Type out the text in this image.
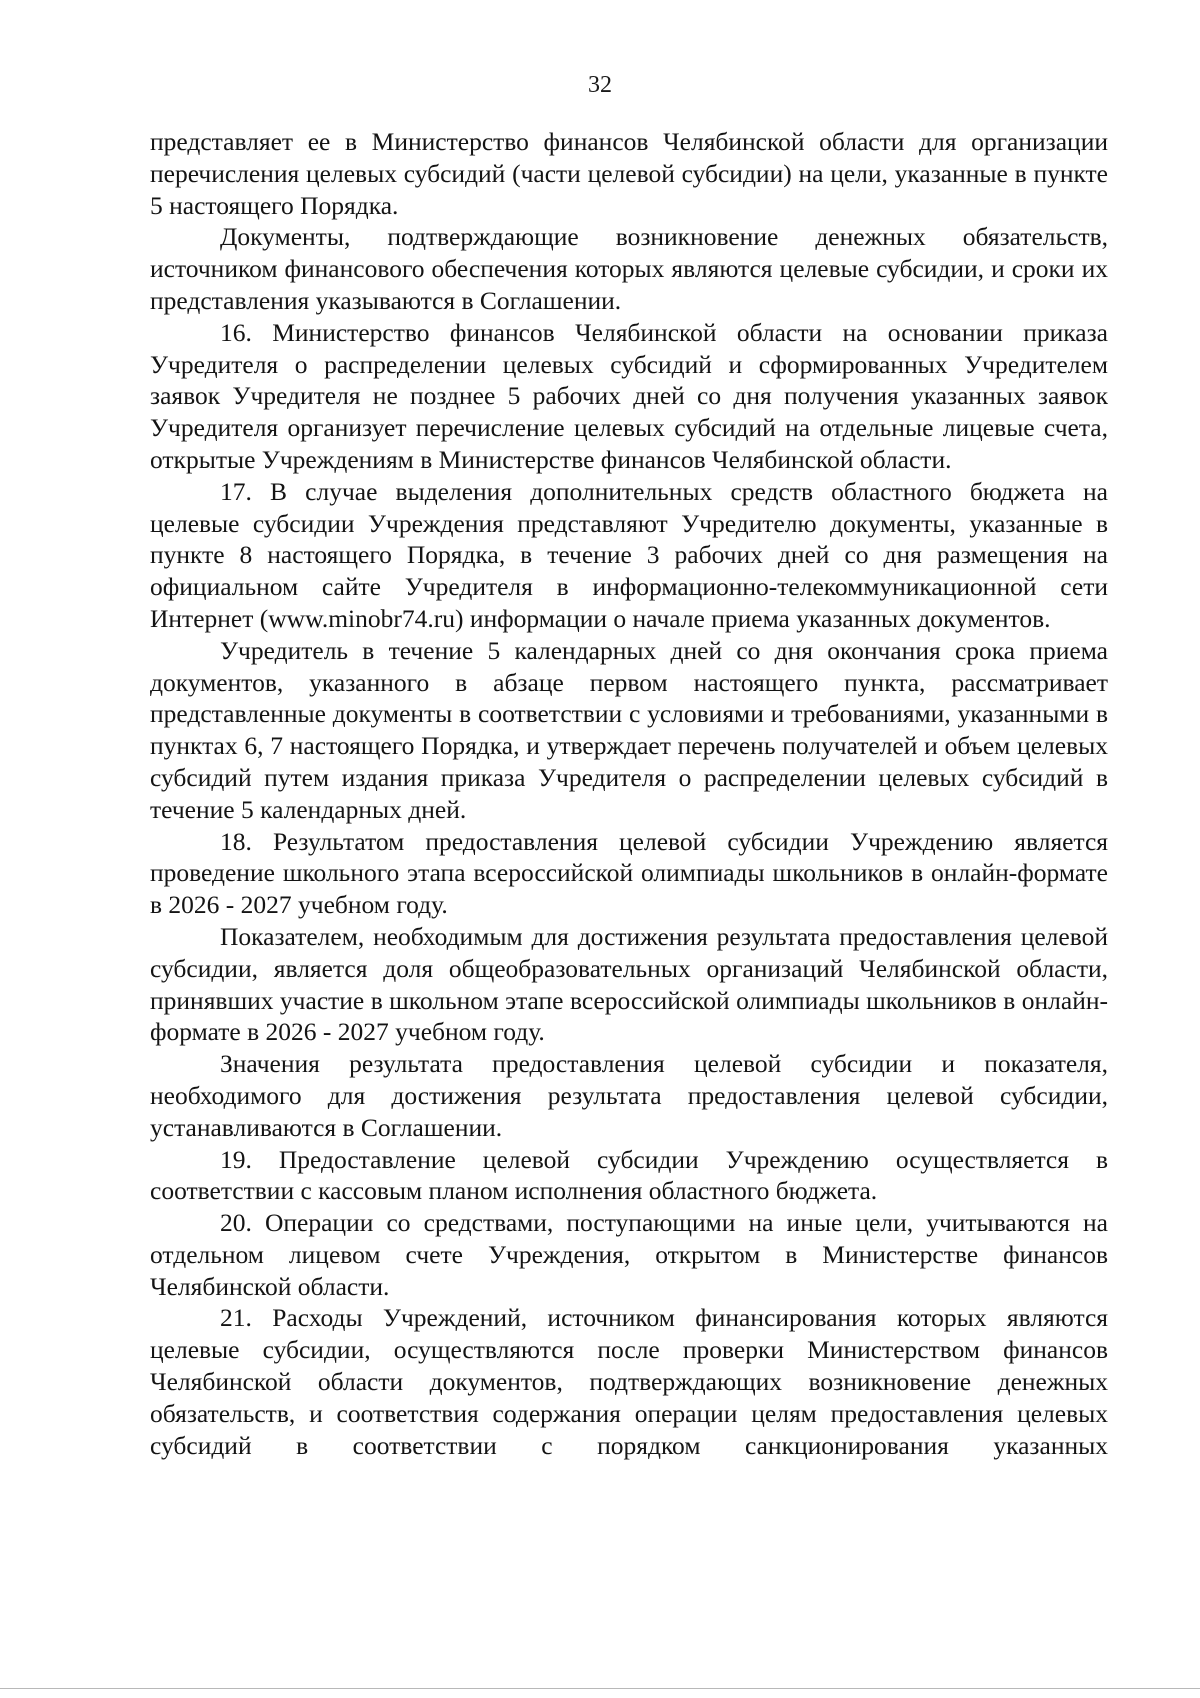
32

представляет ее в Министерство финансов Челябинской области для организации перечисления целевых субсидий (части целевой субсидии) на цели, указанные в пункте 5 настоящего Порядка.

Документы, подтверждающие возникновение денежных обязательств, источником финансового обеспечения которых являются целевые субсидии, и сроки их представления указываются в Соглашении.

16. Министерство финансов Челябинской области на основании приказа Учредителя о распределении целевых субсидий и сформированных Учредителем заявок Учредителя не позднее 5 рабочих дней со дня получения указанных заявок Учредителя организует перечисление целевых субсидий на отдельные лицевые счета, открытые Учреждениям в Министерстве финансов Челябинской области.

17. В случае выделения дополнительных средств областного бюджета на целевые субсидии Учреждения представляют Учредителю документы, указанные в пункте 8 настоящего Порядка, в течение 3 рабочих дней со дня размещения на официальном сайте Учредителя в информационно-телекоммуникационной сети Интернет (www.minobr74.ru) информации о начале приема указанных документов.

Учредитель в течение 5 календарных дней со дня окончания срока приема документов, указанного в абзаце первом настоящего пункта, рассматривает представленные документы в соответствии с условиями и требованиями, указанными в пунктах 6, 7 настоящего Порядка, и утверждает перечень получателей и объем целевых субсидий путем издания приказа Учредителя о распределении целевых субсидий в течение 5 календарных дней.

18. Результатом предоставления целевой субсидии Учреждению является проведение школьного этапа всероссийской олимпиады школьников в онлайн-формате в 2026 - 2027 учебном году.

Показателем, необходимым для достижения результата предоставления целевой субсидии, является доля общеобразовательных организаций Челябинской области, принявших участие в школьном этапе всероссийской олимпиады школьников в онлайн-формате в 2026 - 2027 учебном году.

Значения результата предоставления целевой субсидии и показателя, необходимого для достижения результата предоставления целевой субсидии, устанавливаются в Соглашении.

19. Предоставление целевой субсидии Учреждению осуществляется в соответствии с кассовым планом исполнения областного бюджета.

20. Операции со средствами, поступающими на иные цели, учитываются на отдельном лицевом счете Учреждения, открытом в Министерстве финансов Челябинской области.

21. Расходы Учреждений, источником финансирования которых являются целевые субсидии, осуществляются после проверки Министерством финансов Челябинской области документов, подтверждающих возникновение денежных обязательств, и соответствия содержания операции целям предоставления целевых субсидий в соответствии с порядком санкционирования указанных
